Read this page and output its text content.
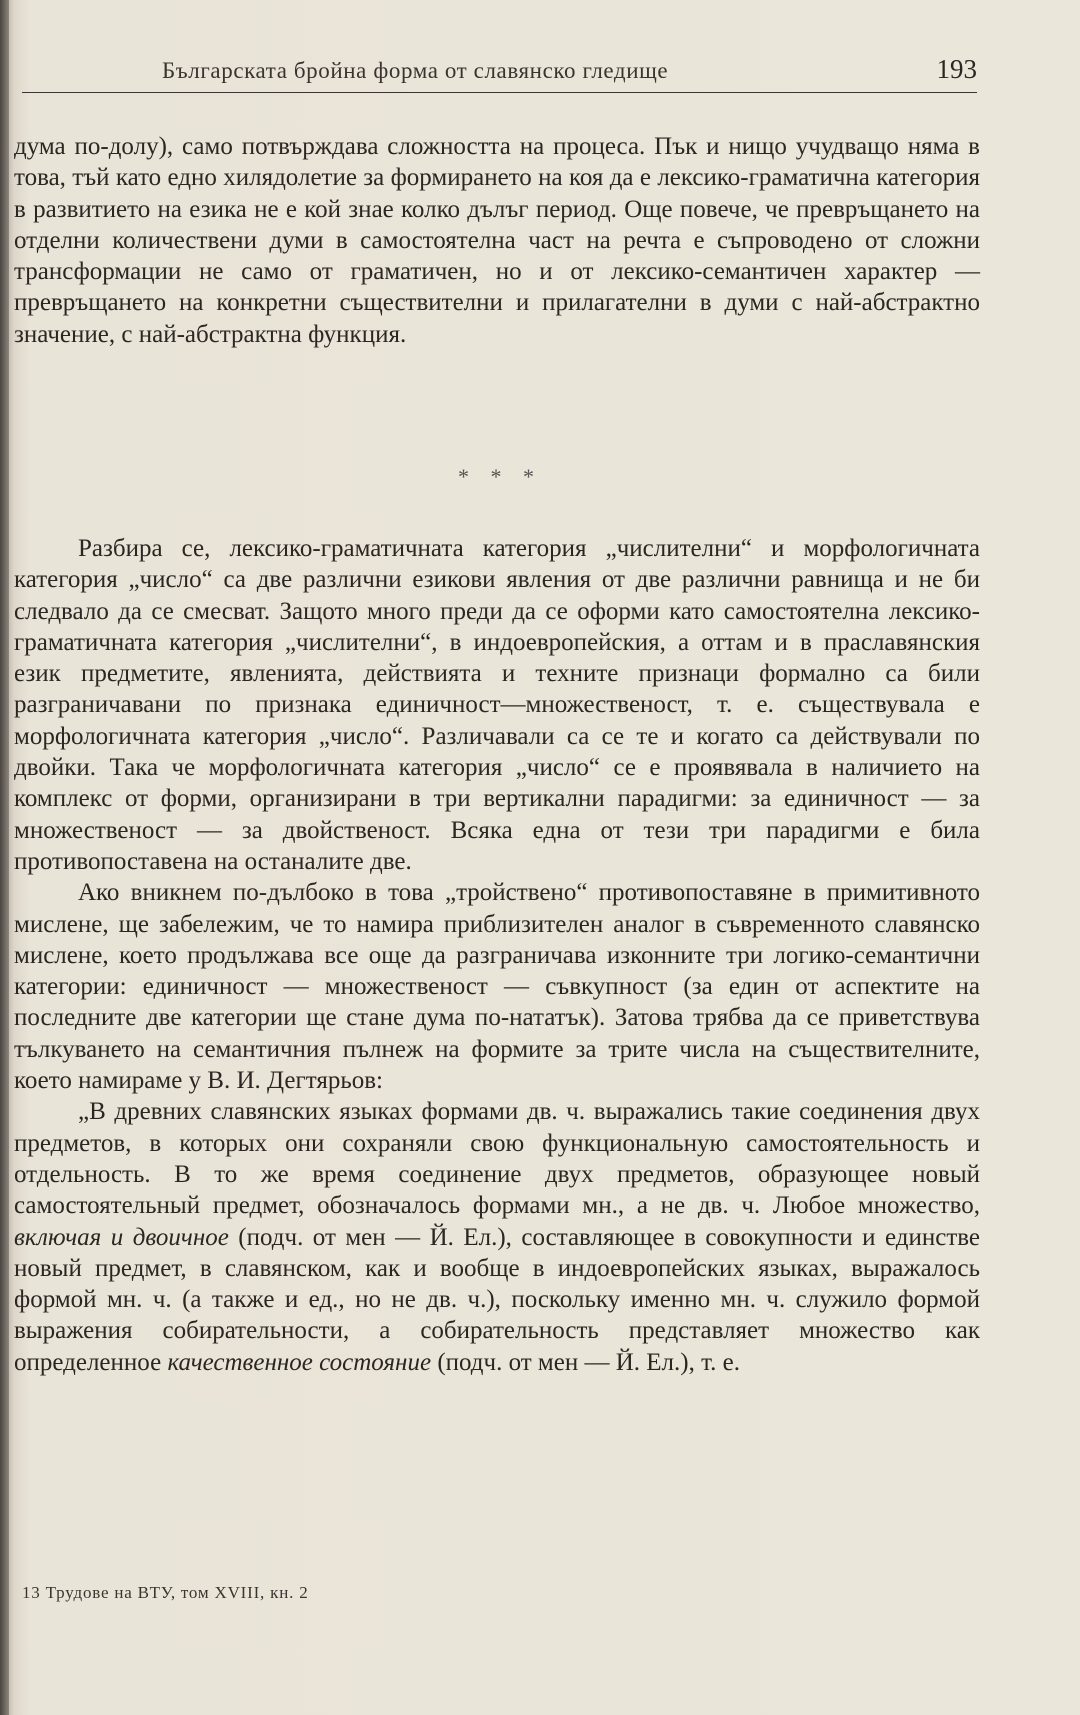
Българската бройна форма от славянско гледище	193

дума по-долу), само потвърждава сложността на процеса. Пък и нищо учудващо няма в това, тъй като едно хилядолетие за формирането на коя да е лексико-граматична категория в развитието на езика не е кой знае колко дълъг период. Още повече, че превръщането на отделни количествени думи в самостоятелна част на речта е съпроводено от сложни трансформации не само от граматичен, но и от лексико-семантичен характер — превръщането на конкретни съществителни и прилагателни в думи с най-абстрактно значение, с най-абстрактна функция.

* * *

Разбира се, лексико-граматичната категория „числителни“ и морфологичната категория „число“ са две различни езикови явления от две различни равнища и не би следвало да се смесват. Защото много преди да се оформи като самостоятелна лексико-граматичната категория „числителни“, в индоевропейския, а оттам и в праславянския език предметите, явленията, действията и техните признаци формално са били разграничавани по признака единичност—множественост, т. е. съществувала е морфологичната категория „число“. Различавали са се те и когато са действували по двойки. Така че морфологичната категория „число“ се е проявявала в наличието на комплекс от форми, организирани в три вертикални парадигми: за единичност — за множественост — за двойственост. Всяка една от тези три парадигми е била противопоставена на останалите две.

Ако вникнем по-дълбоко в това „тройствено“ противопоставяне в примитивното мислене, ще забележим, че то намира приблизителен аналог в съвременното славянско мислене, което продължава все още да разграничава изконните три логико-семантични категории: единичност — множественост — съвкупност (за един от аспектите на последните две категории ще стане дума по-нататък). Затова трябва да се приветствува тълкуването на семантичния пълнеж на формите за трите числа на съществителните, което намираме у В. И. Дегтярьов:

„В древних славянских языках формами дв. ч. выражались такие соединения двух предметов, в которых они сохраняли свою функциональную самостоятельность и отдельность. В то же время соединение двух предметов, образующее новый самостоятельный предмет, обозначалось формами мн., а не дв. ч. Любое множество, включая и двоичное (подч. от мен — Й. Ел.), составляющее в совокупности и единстве новый предмет, в славянском, как и вообще в индоевропейских языках, выражалось формой мн. ч. (а также и ед., но не дв. ч.), поскольку именно мн. ч. служило формой выражения собирательности, а собирательность представляет множество как определенное качественное состояние (подч. от мен — Й. Ел.), т. е.

13 Трудове на ВТУ, том XVIII, кн. 2
